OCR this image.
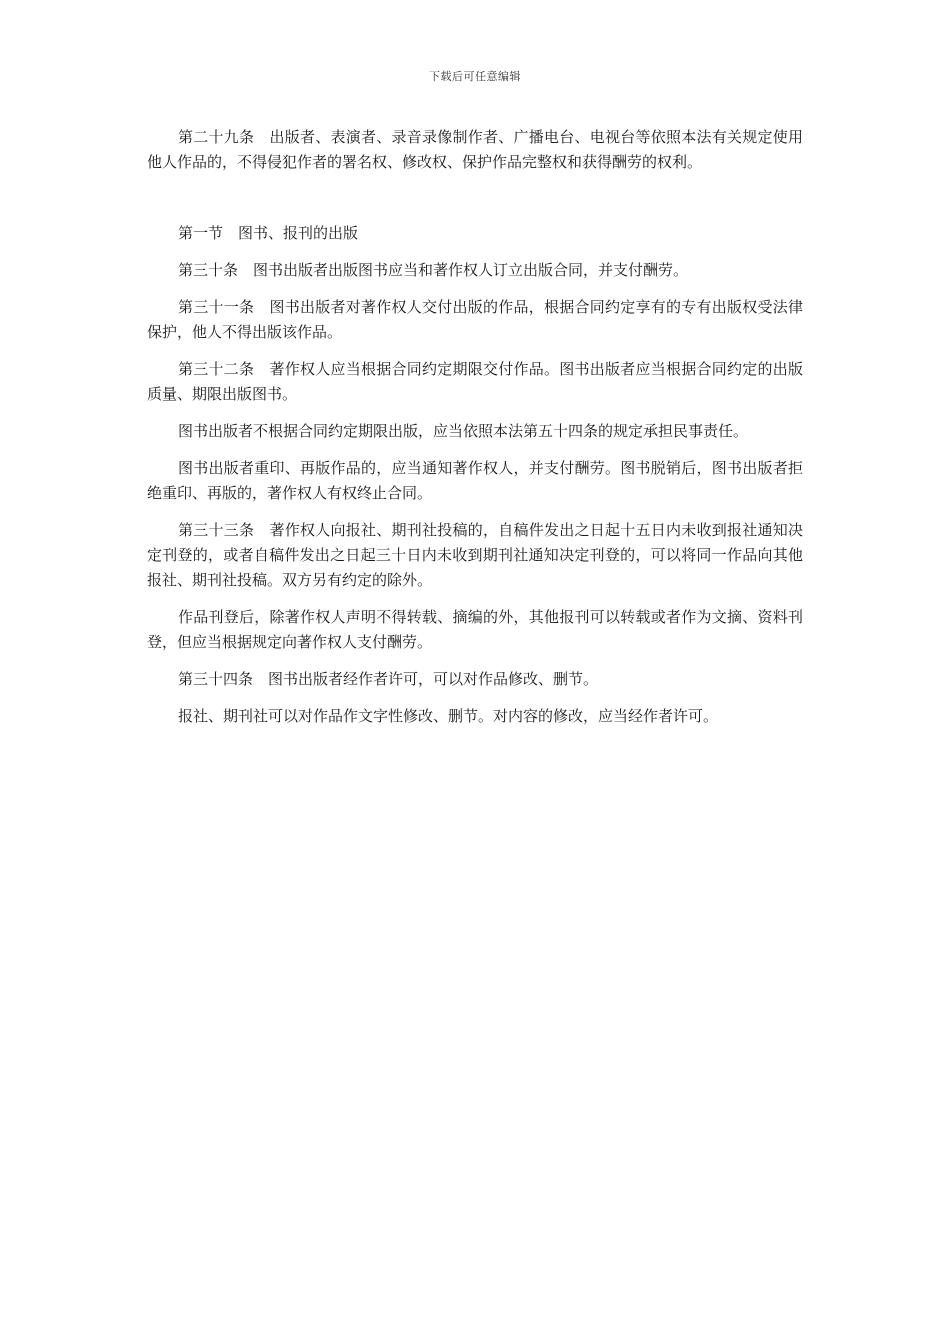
下载后可任意编辑

第二十九条　出版者、表演者、录音录像制作者、广播电台、电视台等依照本法有关规定使用他人作品的，不得侵犯作者的署名权、修改权、保护作品完整权和获得酬劳的权利。

第一节　图书、报刊的出版

第三十条　图书出版者出版图书应当和著作权人订立出版合同，并支付酬劳。

第三十一条　图书出版者对著作权人交付出版的作品，根据合同约定享有的专有出版权受法律保护，他人不得出版该作品。

第三十二条　著作权人应当根据合同约定期限交付作品。图书出版者应当根据合同约定的出版质量、期限出版图书。

图书出版者不根据合同约定期限出版，应当依照本法第五十四条的规定承担民事责任。

图书出版者重印、再版作品的，应当通知著作权人，并支付酬劳。图书脱销后，图书出版者拒绝重印、再版的，著作权人有权终止合同。

第三十三条　著作权人向报社、期刊社投稿的，自稿件发出之日起十五日内未收到报社通知决定刊登的，或者自稿件发出之日起三十日内未收到期刊社通知决定刊登的，可以将同一作品向其他报社、期刊社投稿。双方另有约定的除外。

作品刊登后，除著作权人声明不得转载、摘编的外，其他报刊可以转载或者作为文摘、资料刊登，但应当根据规定向著作权人支付酬劳。

第三十四条　图书出版者经作者许可，可以对作品修改、删节。

报社、期刊社可以对作品作文字性修改、删节。对内容的修改，应当经作者许可。
